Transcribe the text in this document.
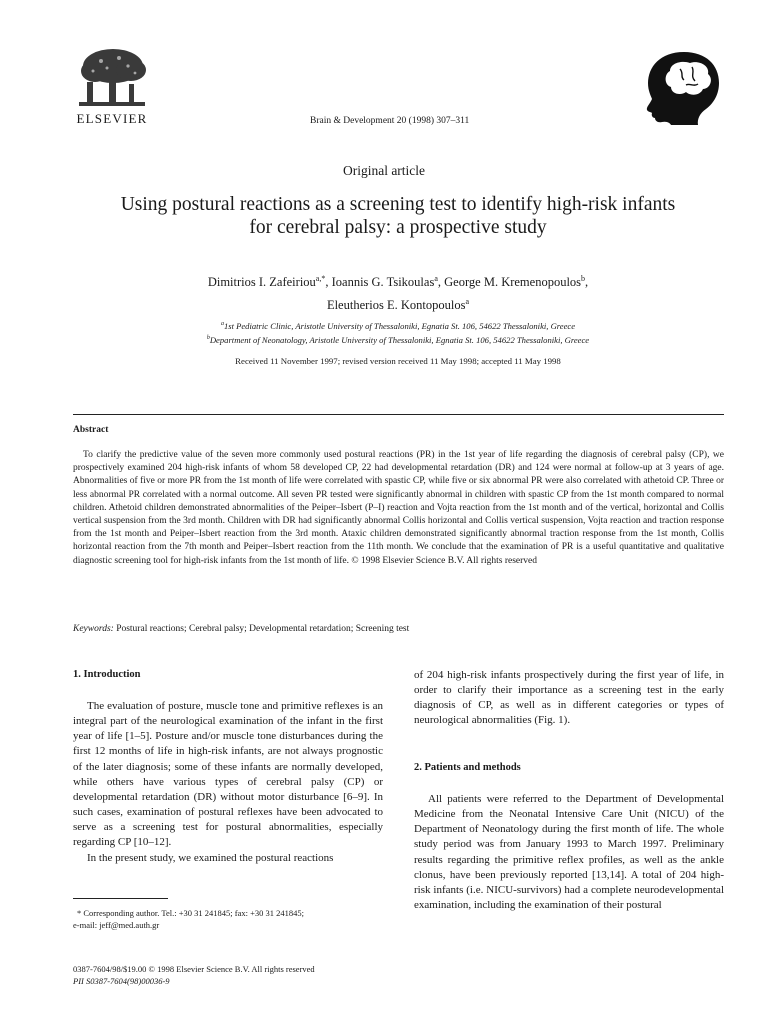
ELSEVIER	Brain & Development 20 (1998) 307–311
Original article
Using postural reactions as a screening test to identify high-risk infants
for cerebral palsy: a prospective study
Dimitrios I. Zafeiriou$^{a,*}$, Ioannis G. Tsikoulas$^a$, George M. Kremenopoulos$^b$,
Eleutherios E. Kontopoulos$^a$
$^a$1st Pediatric Clinic, Aristotle University of Thessaloniki, Egnatia St. 106, 54622 Thessaloniki, Greece
$^b$Department of Neonatology, Aristotle University of Thessaloniki, Egnatia St. 106, 54622 Thessaloniki, Greece
Received 11 November 1997; revised version received 11 May 1998; accepted 11 May 1998
Abstract

To clarify the predictive value of the seven more commonly used postural reactions (PR) in the 1st year of life regarding the diagnosis of cerebral palsy (CP), we prospectively examined 204 high-risk infants of whom 58 developed CP, 22 had developmental retardation (DR) and 124 were normal at follow-up at 3 years of age. Abnormalities of five or more PR from the 1st month of life were correlated with spastic CP, while five or six abnormal PR were also correlated with athetoid CP. Three or less abnormal PR correlated with a normal outcome. All seven PR tested were significantly abnormal in children with spastic CP from the 1st month compared to normal children. Athetoid children demonstrated abnormalities of the Peiper–Isbert (P–I) reaction and Vojta reaction from the 1st month and of the vertical, horizontal and Collis vertical suspension from the 3rd month. Children with DR had significantly abnormal Collis horizontal and Collis vertical suspension, Vojta reaction and traction response from the 1st month and Peiper–Isbert reaction from the 3rd month. Ataxic children demonstrated significantly abnormal traction response from the 1st month, Collis horizontal reaction from the 7th month and Peiper–Isbert reaction from the 11th month. We conclude that the examination of PR is a useful quantitative and qualitative diagnostic screening tool for high-risk infants from the 1st month of life. © 1998 Elsevier Science B.V. All rights reserved

Keywords: Postural reactions; Cerebral palsy; Developmental retardation; Screening test
1. Introduction

The evaluation of posture, muscle tone and primitive reflexes is an integral part of the neurological examination of the infant in the first year of life [1–5]. Posture and/or muscle tone disturbances during the first 12 months of life in high-risk infants, are not always prognostic of the later diagnosis; some of these infants are normally developed, while others have various types of cerebral palsy (CP) or developmental retardation (DR) without motor disturbance [6–9]. In such cases, examination of postural reflexes have been advocated to serve as a screening test for postural abnormalities, especially regarding CP [10–12].

In the present study, we examined the postural reactions

* Corresponding author. Tel.: +30 31 241845; fax: +30 31 241845;
e-mail: jeff@med.auth.gr
0387-7604/98/$19.00 © 1998 Elsevier Science B.V. All rights reserved
PII S0387-7604(98)00036-9

of 204 high-risk infants prospectively during the first year of life, in order to clarify their importance as a screening test in the early diagnosis of CP, as well as in different categories or types of neurological abnormalities (Fig. 1).

2. Patients and methods

All patients were referred to the Department of Developmental Medicine from the Neonatal Intensive Care Unit (NICU) of the Department of Neonatology during the first month of life. The whole study period was from January 1993 to March 1997. Preliminary results regarding the primitive reflex profiles, as well as the ankle clonus, have been previously reported [13,14]. A total of 204 high-risk infants (i.e. NICU-survivors) had a complete neurodevelopmental examination, including the examination of their postural
